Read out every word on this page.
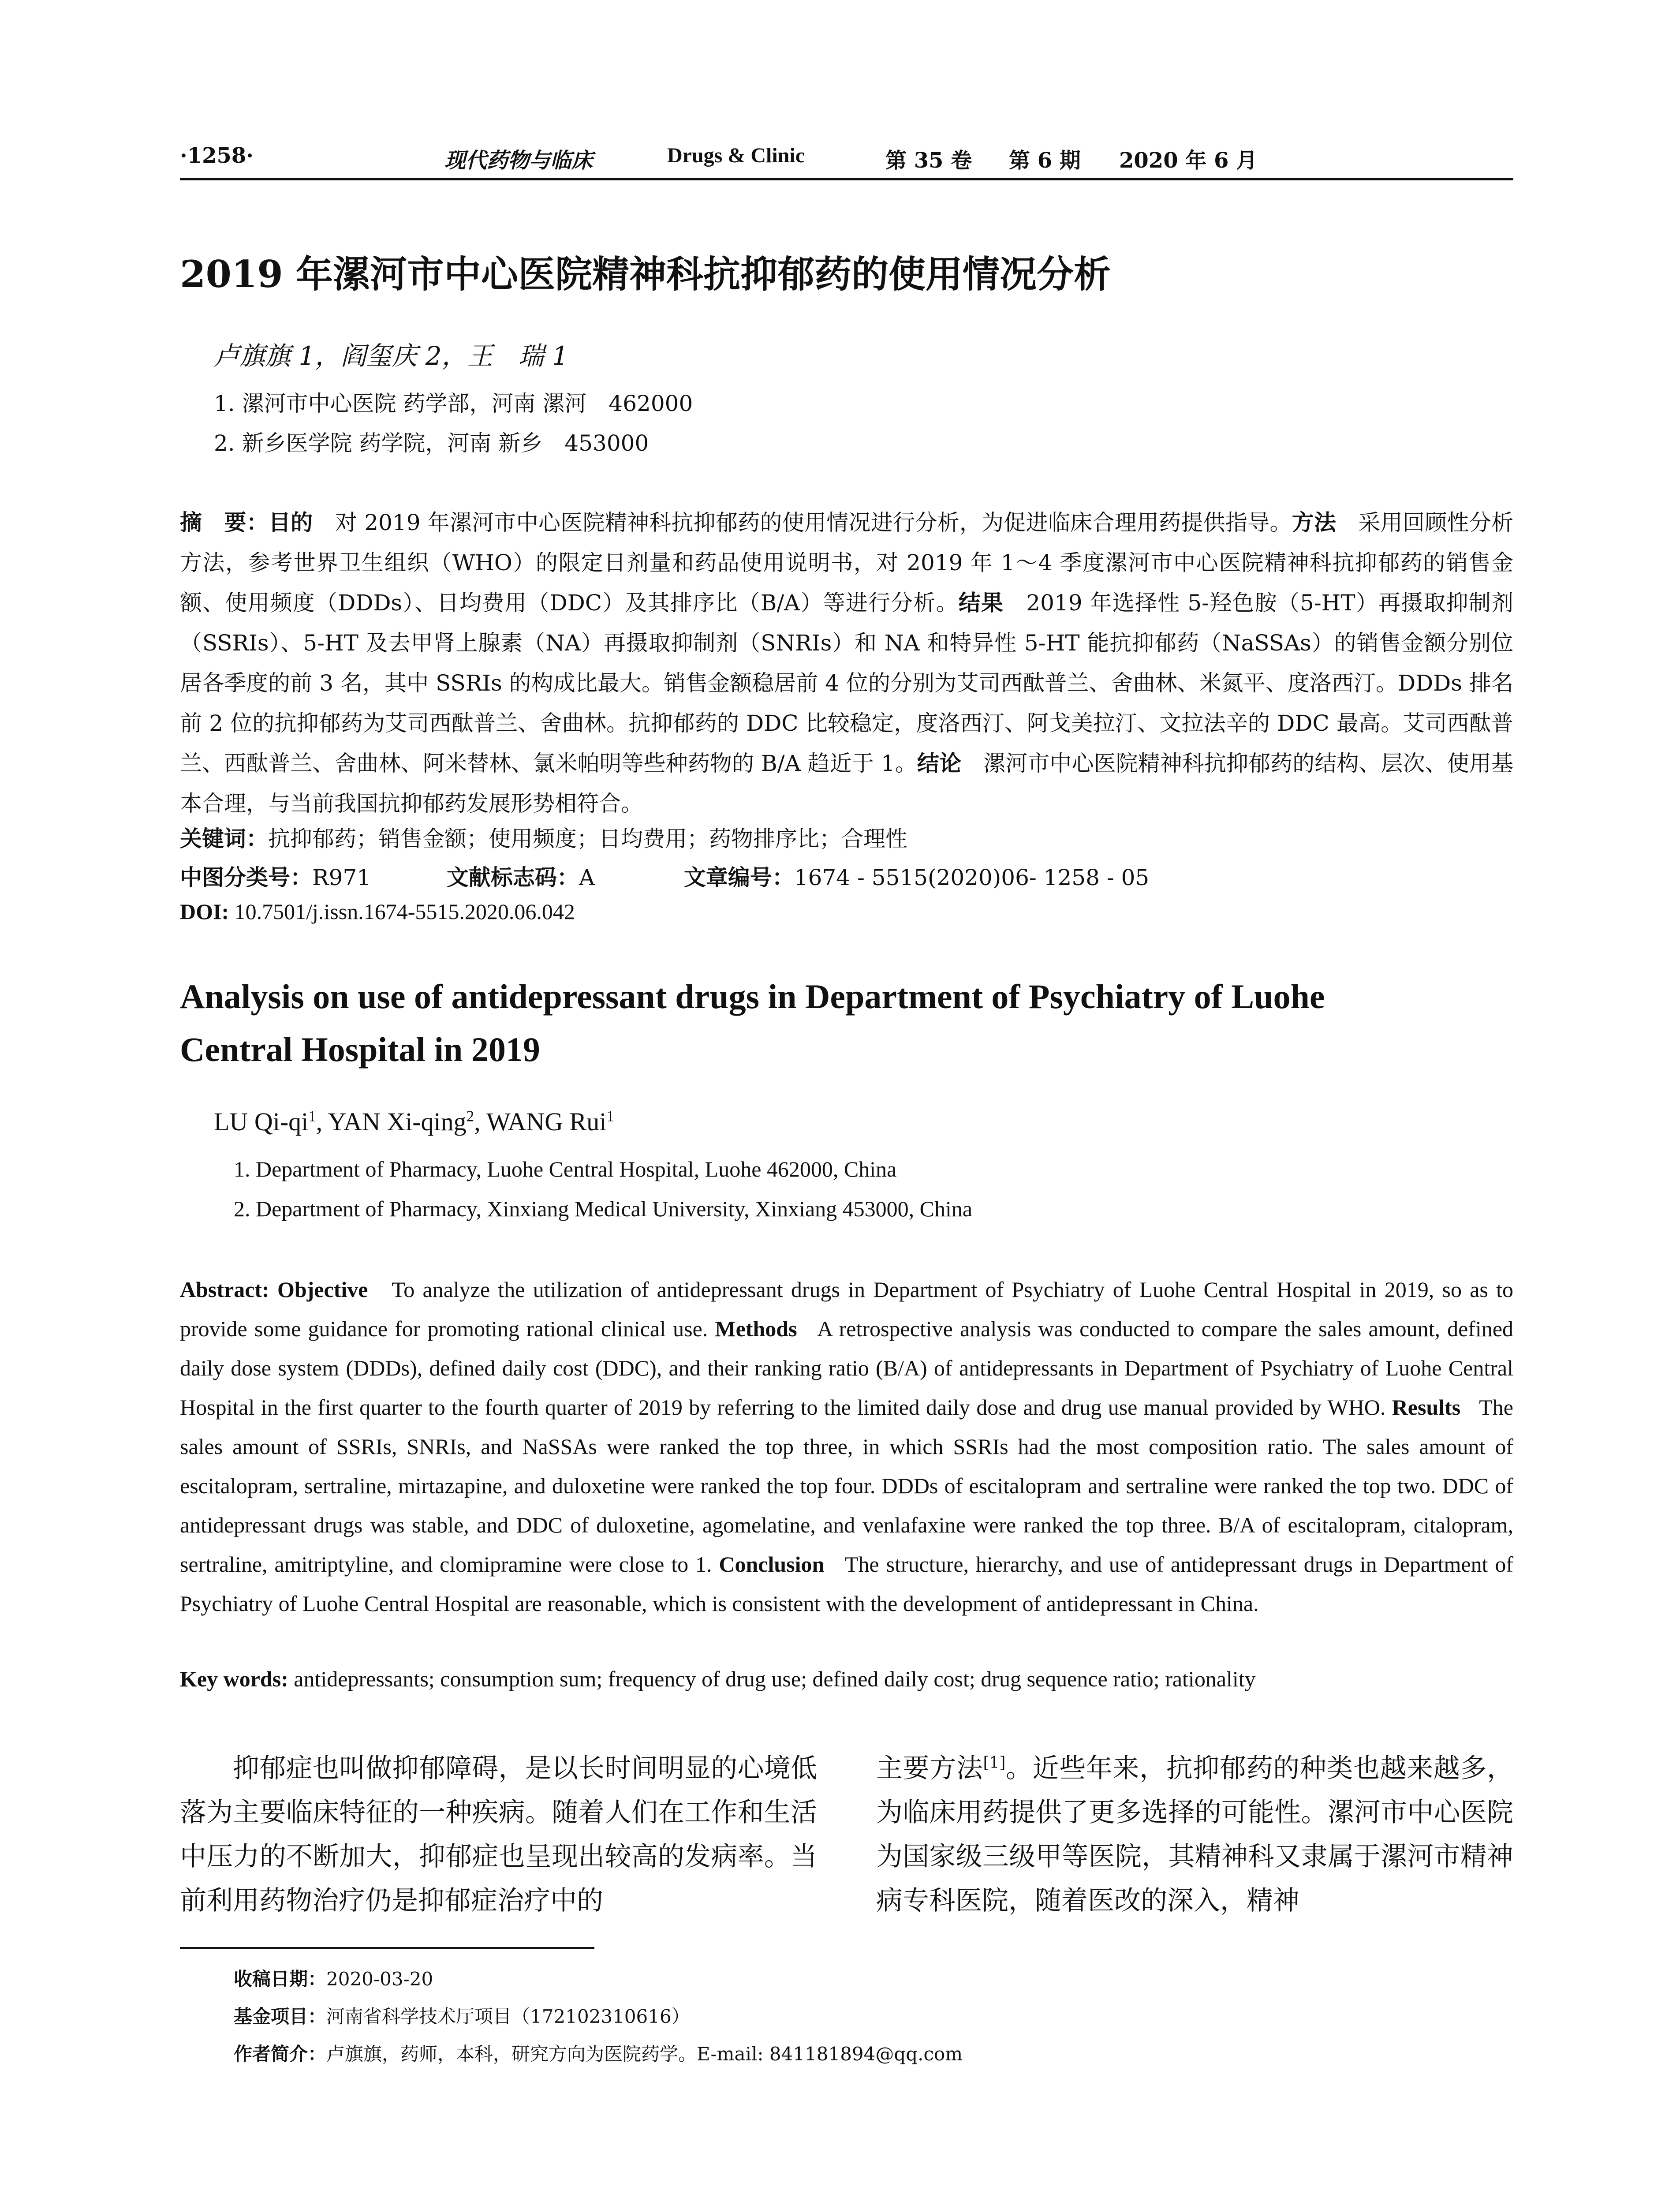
·1258·	现代药物与临床	Drugs & Clinic	第 35 卷 第 6 期 2020 年 6 月
2019 年漯河市中心医院精神科抗抑郁药的使用情况分析
卢旗旗 1，阎玺庆 2，王　瑞 1
1. 漯河市中心医院 药学部，河南 漯河　462000
2. 新乡医学院 药学院，河南 新乡　453000
摘　要：目的　 对 2019 年漯河市中心医院精神科抗抑郁药的使用情况进行分析，为促进临床合理用药提供指导。方法　 采用回顾性分析方法，参考世界卫生组织（WHO）的限定日剂量和药品使用说明书，对 2019 年 1～4 季度漯河市中心医院精神科抗抑郁药的销售金额、使用频度（DDDs）、日均费用（DDC）及其排序比（B/A）等进行分析。结果　 2019 年选择性 5-羟色胺（5-HT）再摄取抑制剂（SSRIs）、5-HT 及去甲肾上腺素（NA）再摄取抑制剂（SNRIs）和 NA 和特异性 5-HT 能抗抑郁药（NaSSAs）的销售金额分别位居各季度的前 3 名，其中 SSRIs 的构成比最大。销售金额稳居前 4 位的分别为艾司西酞普兰、舍曲林、米氮平、度洛西汀。DDDs 排名前 2 位的抗抑郁药为艾司西酞普兰、舍曲林。抗抑郁药的 DDC 比较稳定，度洛西汀、阿戈美拉汀、文拉法辛的 DDC 最高。艾司西酞普兰、西酞普兰、舍曲林、阿米替林、氯米帕明等些种药物的 B/A 趋近于 1。结论　 漯河市中心医院精神科抗抑郁药的结构、层次、使用基本合理，与当前我国抗抑郁药发展形势相符合。
关键词：抗抑郁药；销售金额；使用频度；日均费用；药物排序比；合理性
中图分类号：R971	文献标志码：A	文章编号：1674 - 5515(2020)06- 1258 - 05
DOI: 10.7501/j.issn.1674-5515.2020.06.042
Analysis on use of antidepressant drugs in Department of Psychiatry of Luohe
Central Hospital in 2019
LU $Qi-qi^1$, YAN Xi-qing$^2$, WANG Rui$^1$
1. Department of Pharmacy, Luohe Central Hospital, Luohe 462000, China
2. Department of Pharmacy, Xinxiang Medical University, Xinxiang 453000, China
Abstract: Objective To analyze the utilization of antidepressant drugs in Department of Psychiatry of Luohe Central Hospital in 2019, so as to provide some guidance for promoting rational clinical use. Methods A retrospective analysis was conducted to compare the sales amount, defined daily dose system (DDDs), defined daily cost (DDC), and their ranking ratio (B/A) of antidepressants in Department of Psychiatry of Luohe Central Hospital in the first quarter to the fourth quarter of 2019 by referring to the limited daily dose and drug use manual provided by WHO. Results The sales amount of SSRIs, SNRIs, and NaSSAs were ranked the top three, in which SSRIs had the most composition ratio. The sales amount of escitalopram, sertraline, mirtazapine, and duloxetine were ranked the top four. DDDs of escitalopram and sertraline were ranked the top two. DDC of antidepressant drugs was stable, and DDC of duloxetine, agomelatine, and venlafaxine were ranked the top three. B/A of escitalopram, citalopram, sertraline, amitriptyline, and clomipramine were close to 1. Conclusion The structure, hierarchy, and use of antidepressant drugs in Department of Psychiatry of Luohe Central Hospital are reasonable, which is consistent with the development of antidepressant in China.
Key words: antidepressants; consumption sum; frequency of drug use; defined daily cost; drug sequence ratio; rationality
抑郁症也叫做抑郁障碍，是以长时间明显的心境低落为主要临床特征的一种疾病。随着人们在工作和生活中压力的不断加大，抑郁症也呈现出较高的发病率。当前利用药物治疗仍是抑郁症治疗中的
主要方法[1]。近些年来，抗抑郁药的种类也越来越多，为临床用药提供了更多选择的可能性。漯河市中心医院为国家级三级甲等医院，其精神科又隶属于漯河市精神病专科医院，随着医改的深入，精神
收稿日期：2020-03-20
基金项目：河南省科学技术厅项目（172102310616）
作者简介：卢旗旗，药师，本科，研究方向为医院药学。E-mail: 841181894@qq.com
